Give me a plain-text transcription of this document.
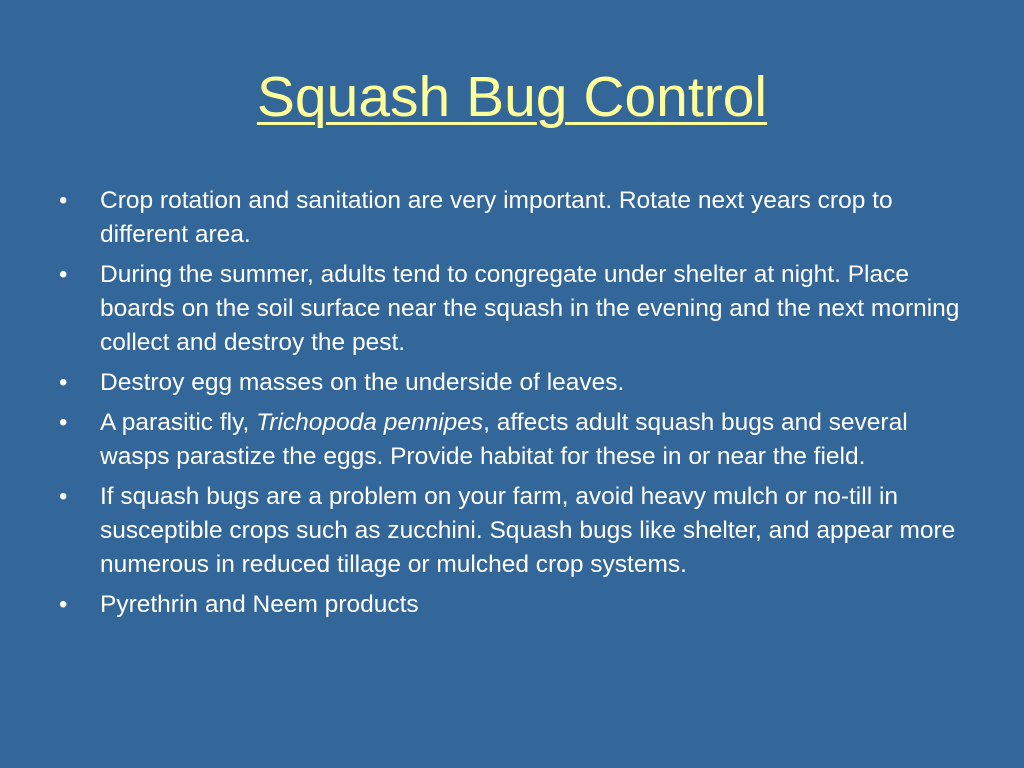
Squash Bug Control
• Crop rotation and sanitation are very important. Rotate next years crop to different area.
• During the summer, adults tend to congregate under shelter at night. Place boards on the soil surface near the squash in the evening and the next morning collect and destroy the pest.
• Destroy egg masses on the underside of leaves.
• A parasitic fly, Trichopoda pennipes, affects adult squash bugs and several wasps parastize the eggs. Provide habitat for these in or near the field.
• If squash bugs are a problem on your farm, avoid heavy mulch or no-till in susceptible crops such as zucchini. Squash bugs like shelter, and appear more numerous in reduced tillage or mulched crop systems.
• Pyrethrin and Neem products
